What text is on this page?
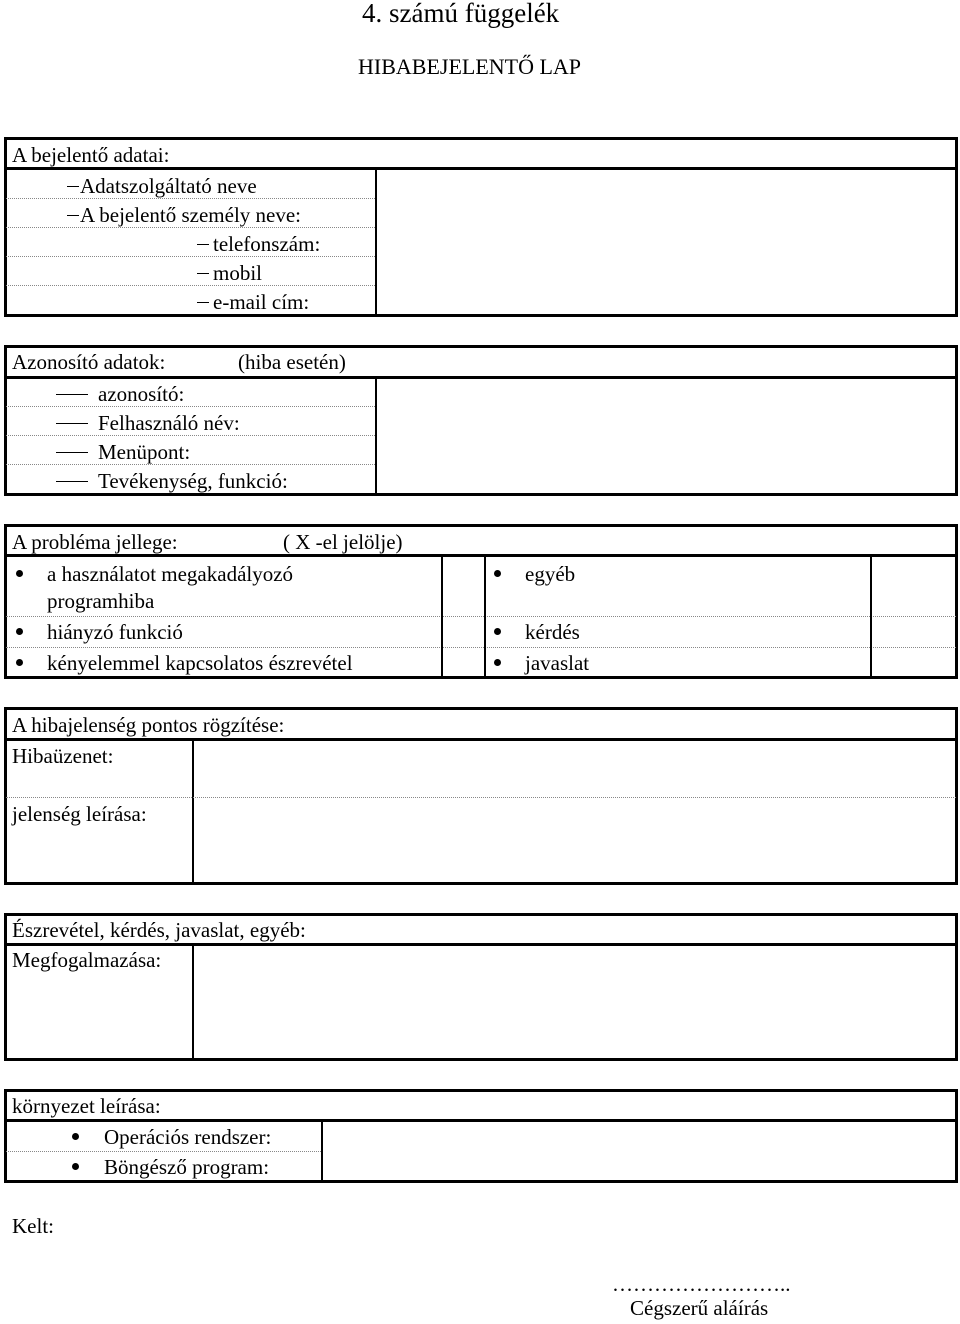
4. számú függelék
HIBABEJELENTŐ LAP
A bejelentő adatai:
Adatszolgáltató neve
A bejelentő személy neve:
telefonszám:
mobil
e-mail cím:
Azonosító adatok:	(hiba esetén)
azonosító:
Felhasználó név:
Menüpont:
Tevékenység, funkció:
A probléma jellege:	( X -el jelölje)
a használatot megakadályozó
programhiba
hiányzó funkció
kényelemmel kapcsolatos észrevétel
egyéb
kérdés
javaslat
A hibajelenség pontos rögzítése:
Hibaüzenet:
jelenség leírása:
Észrevétel, kérdés, javaslat, egyéb:
Megfogalmazása:
környezet leírása:
Operációs rendszer:
Böngésző program:
Kelt:
……………………..
Cégszerű aláírás
